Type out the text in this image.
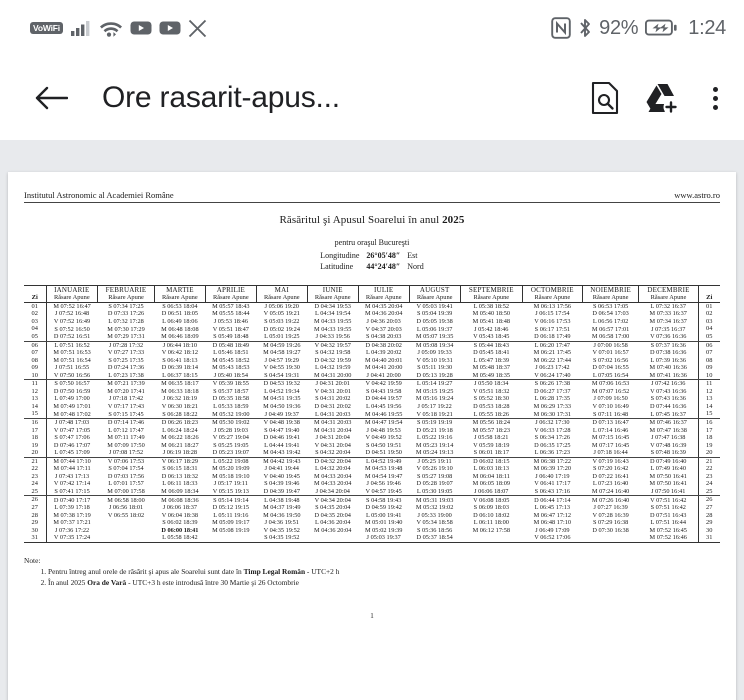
VoWiFi	92%	1:24
Ore rasarit-apus...
Institutul Astronomic al Academiei Române	www.astro.ro
Răsăritul şi Apusul Soarelui în anul 2025
pentru oraşul Bucureşti
Longitudine 26°05′48″ Est
Latitudine	44°24′48″ Nord
	IANUARIE	FEBRUARIE	MARTIE	APRILIE	MAI	IUNIE	IULIE	AUGUST	SEPTEMBRIE	OCTOMBRIE	NOIEMBRIE	DECEMBRIE	
Zi	Răsare Apune	Răsare Apune	Răsare Apune	Răsare Apune	Răsare Apune	Răsare Apune	Răsare Apune	Răsare Apune	Răsare Apune	Răsare Apune	Răsare Apune	Răsare Apune	Zi
01	M 07:52 16:47	S 07:34 17:25	S 06:53 18:04	M 05:57 18:43	J 05:06 19:20	D 04:34 19:53	M 04:35 20:04	V 05:03 19:41	L 05:38 18:52	M 06:13 17:56	S 06:53 17:05	L 07:32 16:37	01
02	J 07:52 16:48	D 07:33 17:26	D 06:51 18:05	M 05:55 18:44	V 05:05 19:21	L 04:34 19:54	M 04:36 20:04	S 05:04 19:39	M 05:40 18:50	J 06:15 17:54	D 06:54 17:03	M 07:33 16:37	02
03	V 07:52 16:49	L 07:32 17:28	L 06:49 18:06	J 05:53 18:46	S 05:03 19:22	M 04:33 19:55	J 04:36 20:03	D 05:05 19:38	M 05:41 18:48	V 06:16 17:53	L 06:56 17:02	M 07:34 16:37	03
04	S 07:52 16:50	M 07:30 17:29	M 06:48 18:08	V 05:51 18:47	D 05:02 19:24	M 04:33 19:55	V 04:37 20:03	L 05:06 19:37	J 05:42 18:46	S 06:17 17:51	M 06:57 17:01	J 07:35 16:37	04
05	D 07:52 16:51	M 07:29 17:31	M 06:46 18:09	S 05:49 18:48	L 05:01 19:25	J 04:33 19:56	S 04:38 20:03	M 05:07 19:35	V 05:43 18:45	D 06:18 17:49	M 06:58 17:00	V 07:36 16:36	05
06	L 07:51 16:52	J 07:28 17:32	J 06:44 18:10	D 05:48 18:49	M 04:59 19:26	V 04:32 19:57	D 04:38 20:02	M 05:08 19:34	S 05:44 18:43	L 06:20 17:47	J 07:00 16:58	S 07:37 16:36	06
07	M 07:51 16:53	V 07:27 17:33	V 06:42 18:12	L 05:46 18:51	M 04:58 19:27	S 04:32 19:58	L 04:39 20:02	J 05:09 19:33	D 05:45 18:41	M 06:21 17:45	V 07:01 16:57	D 07:38 16:36	07
08	M 07:51 16:54	S 07:25 17:35	S 06:41 18:13	M 05:45 18:52	J 04:57 19:29	D 04:32 19:59	M 04:40 20:01	V 05:10 19:31	L 05:47 18:39	M 06:22 17:44	S 07:02 16:56	L 07:39 16:36	08
09	J 07:51 16:55	D 07:24 17:36	D 06:39 18:14	M 05:43 18:53	V 04:55 19:30	L 04:32 19:59	M 04:41 20:00	S 05:11 19:30	M 05:48 18:37	J 06:23 17:42	D 07:04 16:55	M 07:40 16:36	09
10	V 07:50 16:56	L 07:23 17:38	L 06:37 18:15	J 05:40 18:54	S 04:54 19:31	M 04:31 20:00	J 04:41 20:00	D 05:13 19:28	M 05:49 18:35	V 06:24 17:40	L 07:05 16:54	M 07:41 16:36	10
11	S 07:50 16:57	M 07:21 17:39	M 06:35 18:17	V 05:39 18:55	D 04:53 19:32	J 04:31 20:01	V 04:42 19:59	L 05:14 19:27	J 05:50 18:34	S 06:26 17:38	M 07:06 16:53	J 07:42 16:36	11
12	D 07:50 16:59	M 07:20 17:41	M 06:33 18:18	S 05:37 18:57	L 04:52 19:34	V 04:31 20:01	S 04:43 19:58	M 05:15 19:25	V 05:51 18:32	D 06:27 17:37	M 07:07 16:52	V 07:43 16:36	12
13	L 07:49 17:00	J 07:18 17:42	J 06:32 18:19	D 05:35 18:58	M 04:51 19:35	S 04:31 20:02	D 04:44 19:57	M 05:16 19:24	S 05:52 18:30	L 06:28 17:35	J 07:09 16:50	S 07:43 16:36	13
14	M 07:49 17:01	V 07:17 17:43	V 06:30 18:21	L 05:33 18:59	M 04:50 19:36	D 04:31 20:02	L 04:45 19:56	J 05:17 19:22	D 05:53 18:28	M 06:29 17:33	V 07:10 16:49	D 07:44 16:36	14
15	M 07:48 17:02	S 07:15 17:45	S 06:28 18:22	M 05:32 19:00	J 04:49 19:37	L 04:31 20:03	M 04:46 19:55	V 05:18 19:21	L 05:55 18:26	M 06:30 17:31	S 07:11 16:48	L 07:45 16:37	15
16	J 07:48 17:03	D 07:14 17:46	D 06:26 18:23	M 05:30 19:02	V 04:48 19:38	M 04:31 20:03	M 04:47 19:54	S 05:19 19:19	M 05:56 18:24	J 06:32 17:30	D 07:13 16:47	M 07:46 16:37	16
17	V 07:47 17:05	L 07:12 17:47	L 06:24 18:24	J 05:28 19:03	S 04:47 19:40	M 04:31 20:04	J 04:48 19:53	D 05:21 19:18	M 05:57 18:23	V 06:33 17:28	L 07:14 16:46	M 07:47 16:38	17
18	S 07:47 17:06	M 07:11 17:49	M 06:22 18:26	V 05:27 19:04	D 04:46 19:41	J 04:31 20:04	V 04:49 19:52	L 05:22 19:16	J 05:58 18:21	S 06:34 17:26	M 07:15 16:45	J 07:47 16:38	18
19	D 07:46 17:07	M 07:09 17:50	M 06:21 18:27	S 05:25 19:05	L 04:44 19:41	V 04:31 20:04	S 04:50 19:51	M 05:23 19:14	V 05:59 18:19	D 06:35 17:25	M 07:17 16:45	V 07:48 16:39	19
20	L 07:45 17:09	J 07:08 17:52	J 06:19 18:28	D 05:23 19:07	M 04:43 19:42	S 04:32 20:04	D 04:51 19:50	M 05:24 19:13	S 06:01 18:17	L 06:36 17:23	J 07:18 16:44	S 07:48 16:39	20
21	M 07:44 17:10	V 07:06 17:53	V 06:17 18:29	L 05:22 19:08	M 04:42 19:43	D 04:32 20:04	L 04:52 19:49	J 05:25 19:11	D 06:02 18:15	M 06:38 17:22	V 07:19 16:43	D 07:49 16:40	21
22	M 07:44 17:11	S 07:04 17:54	S 06:15 18:31	M 05:20 19:09	J 04:41 19:44	L 04:32 20:04	M 04:53 19:48	V 05:26 19:10	L 06:03 18:13	M 06:39 17:20	S 07:20 16:42	L 07:49 16:40	22
23	J 07:43 17:13	D 07:03 17:56	D 06:13 18:32	M 05:18 19:10	V 04:40 19:45	M 04:33 20:04	M 04:54 19:47	S 05:27 19:08	M 06:04 18:11	J 06:40 17:19	D 07:22 16:41	M 07:50 16:41	23
24	V 07:42 17:14	L 07:01 17:57	L 06:11 18:33	J 05:17 19:11	S 04:39 19:46	M 04:33 20:04	J 04:56 19:46	D 05:28 19:07	M 06:05 18:09	V 06:41 17:17	L 07:23 16:40	M 07:50 16:41	24
25	S 07:41 17:15	M 07:00 17:58	M 06:09 18:34	V 05:15 19:13	D 04:39 19:47	J 04:34 20:04	V 04:57 19:45	L 05:30 19:05	J 06:06 18:07	S 06:43 17:16	M 07:24 16:40	J 07:50 16:41	25
26	D 07:40 17:17	M 06:58 18:00	M 06:08 18:36	S 05:14 19:14	L 04:38 19:48	V 04:34 20:04	S 04:58 19:43	M 05:31 19:03	V 06:08 18:05	D 06:44 17:14	M 07:26 16:40	V 07:51 16:42	26
27	L 07:39 17:18	J 06:56 18:01	J 06:06 18:37	D 05:12 19:15	M 04:37 19:49	S 04:35 20:04	D 04:59 19:42	M 05:32 19:02	S 06:09 18:03	L 06:45 17:13	J 07:27 16:39	S 07:51 16:42	27
28	M 07:38 17:19	V 06:55 18:02	V 06:04 18:38	L 05:11 19:16	M 04:36 19:50	D 04:35 20:04	L 05:00 19:41	J 05:33 19:00	D 06:10 18:02	M 06:47 17:12	V 07:28 16:39	D 07:51 16:43	28
29	M 07:37 17:21		S 06:02 18:39	M 05:09 19:17	J 04:36 19:51	L 04:36 20:04	M 05:01 19:40	V 05:34 18:58	L 06:11 18:00	M 06:48 17:10	S 07:29 16:38	L 07:51 16:44	29
30	J 07:36 17:22		D 06:00 18:41	M 05:08 19:19	V 04:35 19:52	M 04:36 20:04	M 05:02 19:39	S 05:36 18:56	M 06:12 17:58	J 06:49 17:09	D 07:30 16:38	M 07:52 16:45	30
31	V 07:35 17:24		L 05:58 18:42		S 04:35 19:52		J 05:03 19:37	D 05:37 18:54		V 06:52 17:06		M 07:52 16:46	31
Note:
1. Pentru întreg anul orele de răsărit şi apus ale Soarelui sunt date în Timp Legal Român - UTC+2 h
2. În anul 2025 Ora de Vară - UTC+3 h este introdusă între 30 Martie şi 26 Octombrie
1
